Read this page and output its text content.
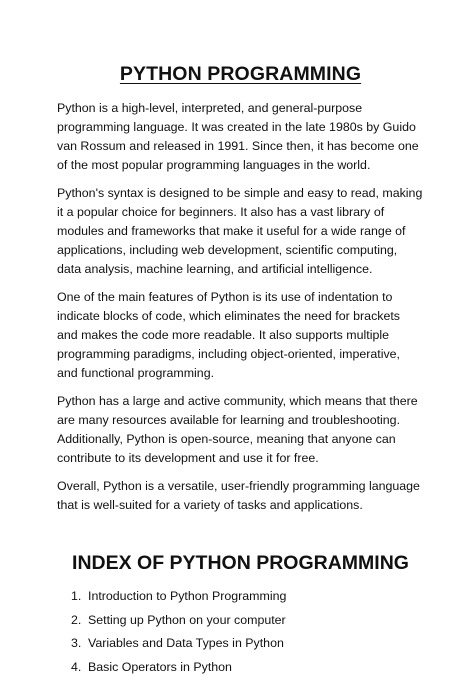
PYTHON PROGRAMMING

Python is a high-level, interpreted, and general-purpose programming language. It was created in the late 1980s by Guido van Rossum and released in 1991. Since then, it has become one of the most popular programming languages in the world.

Python's syntax is designed to be simple and easy to read, making it a popular choice for beginners. It also has a vast library of modules and frameworks that make it useful for a wide range of applications, including web development, scientific computing, data analysis, machine learning, and artificial intelligence.

One of the main features of Python is its use of indentation to indicate blocks of code, which eliminates the need for brackets and makes the code more readable. It also supports multiple programming paradigms, including object-oriented, imperative, and functional programming.

Python has a large and active community, which means that there are many resources available for learning and troubleshooting. Additionally, Python is open-source, meaning that anyone can contribute to its development and use it for free.

Overall, Python is a versatile, user-friendly programming language that is well-suited for a variety of tasks and applications.

INDEX OF PYTHON PROGRAMMING
1. Introduction to Python Programming
2. Setting up Python on your computer
3. Variables and Data Types in Python
4. Basic Operators in Python
